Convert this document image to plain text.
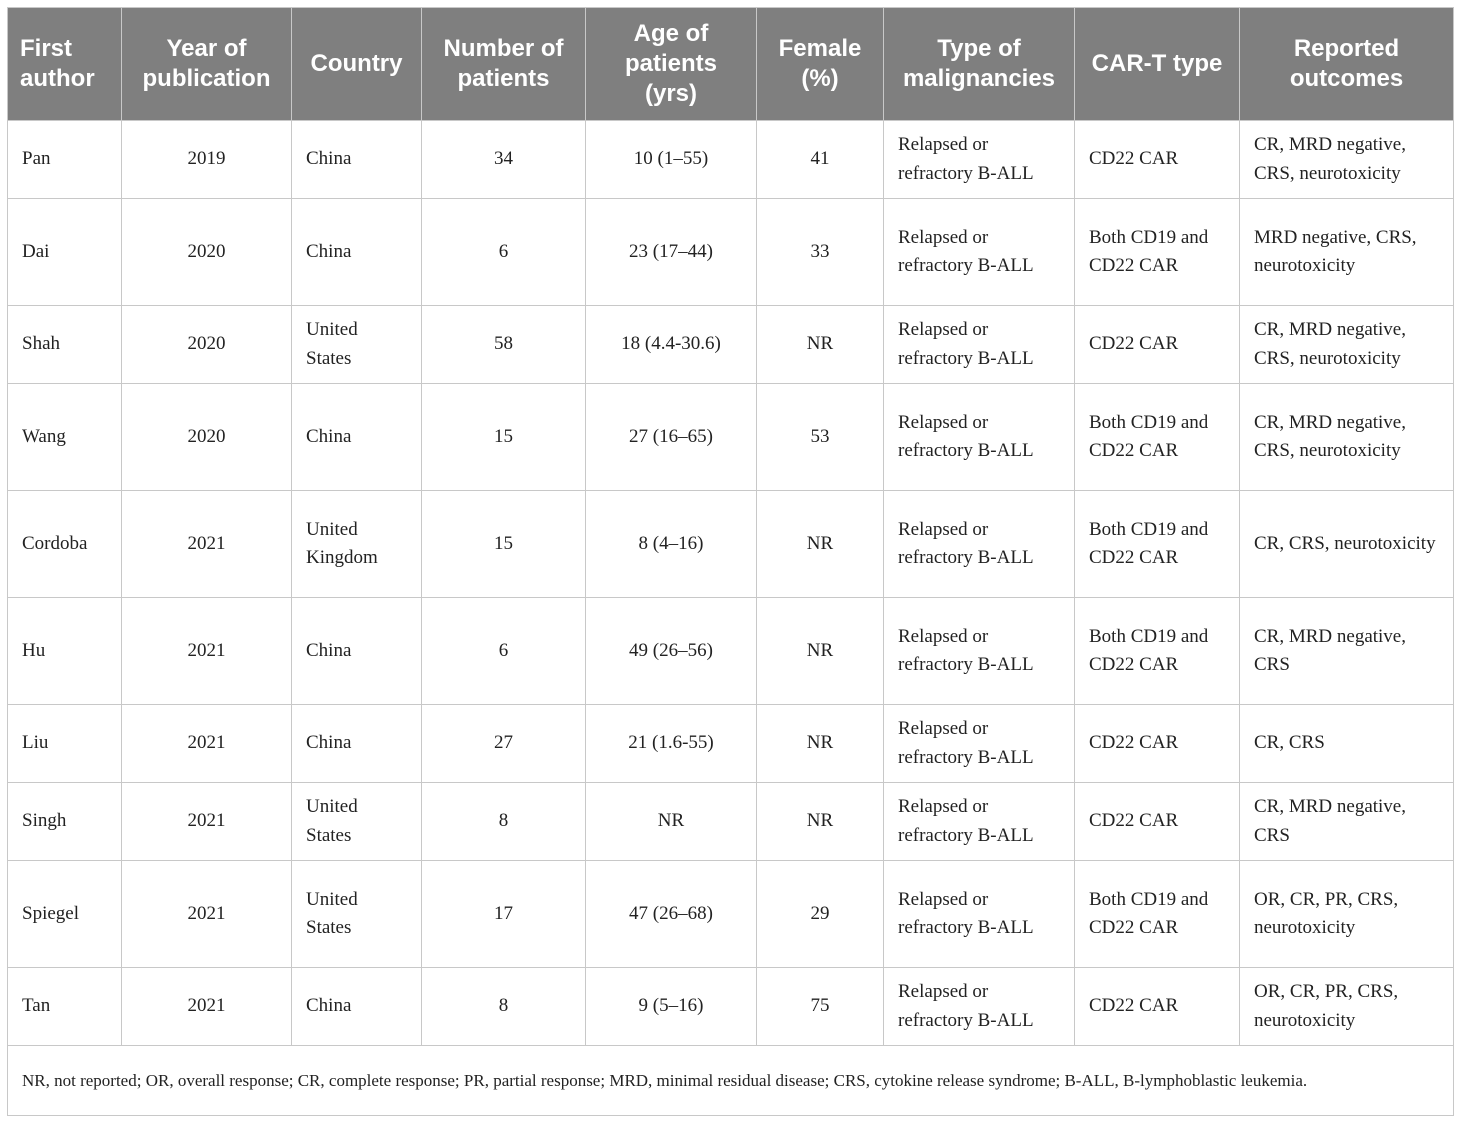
First author	Year of publication	Country	Number of patients	Age of patients (yrs)	Female (%)	Type of malignancies	CAR-T type	Reported outcomes
Pan	2019	China	34	10 (1–55)	41	Relapsed or refractory B-ALL	CD22 CAR	CR, MRD negative, CRS, neurotoxicity
Dai	2020	China	6	23 (17–44)	33	Relapsed or refractory B-ALL	Both CD19 and CD22 CAR	MRD negative, CRS, neurotoxicity
Shah	2020	United States	58	18 (4.4-30.6)	NR	Relapsed or refractory B-ALL	CD22 CAR	CR, MRD negative, CRS, neurotoxicity
Wang	2020	China	15	27 (16–65)	53	Relapsed or refractory B-ALL	Both CD19 and CD22 CAR	CR, MRD negative, CRS, neurotoxicity
Cordoba	2021	United Kingdom	15	8 (4–16)	NR	Relapsed or refractory B-ALL	Both CD19 and CD22 CAR	CR, CRS, neurotoxicity
Hu	2021	China	6	49 (26–56)	NR	Relapsed or refractory B-ALL	Both CD19 and CD22 CAR	CR, MRD negative, CRS
Liu	2021	China	27	21 (1.6-55)	NR	Relapsed or refractory B-ALL	CD22 CAR	CR, CRS
Singh	2021	United States	8	NR	NR	Relapsed or refractory B-ALL	CD22 CAR	CR, MRD negative, CRS
Spiegel	2021	United States	17	47 (26–68)	29	Relapsed or refractory B-ALL	Both CD19 and CD22 CAR	OR, CR, PR, CRS, neurotoxicity
Tan	2021	China	8	9 (5–16)	75	Relapsed or refractory B-ALL	CD22 CAR	OR, CR, PR, CRS, neurotoxicity
NR, not reported; OR, overall response; CR, complete response; PR, partial response; MRD, minimal residual disease; CRS, cytokine release syndrome; B-ALL, B-lymphoblastic leukemia.								
